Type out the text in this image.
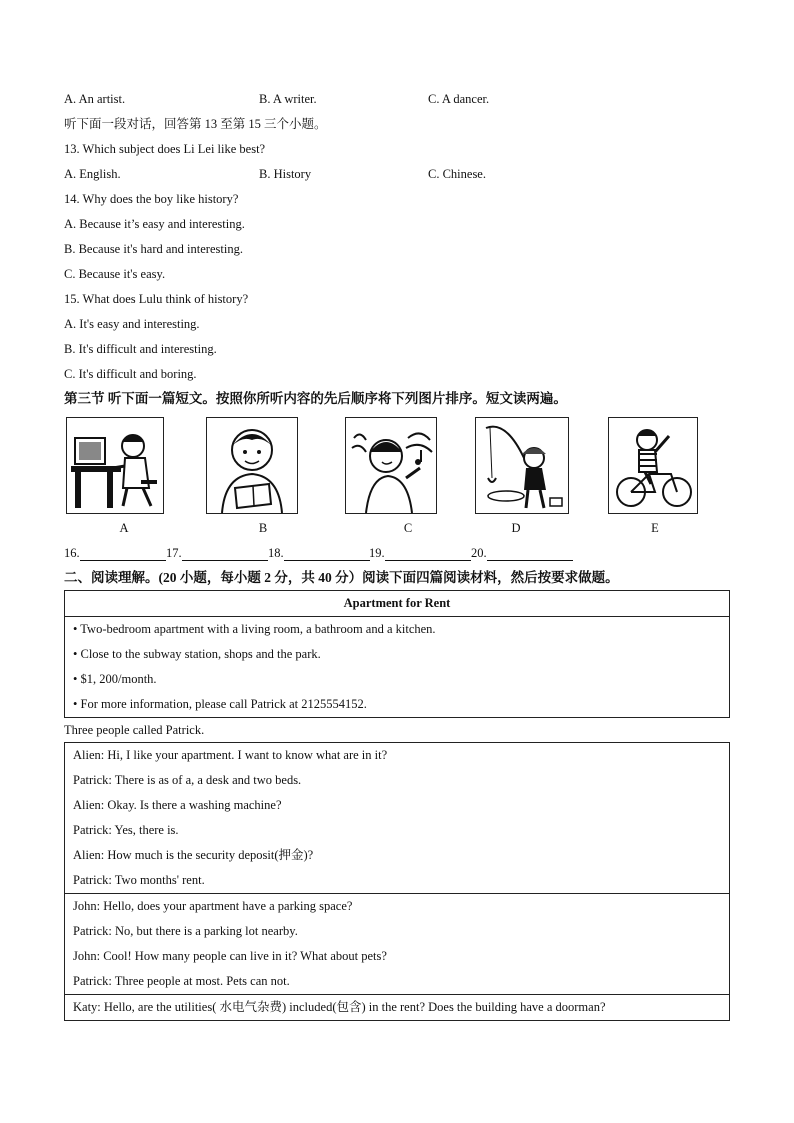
A. An artist.	B. A writer.	C. A dancer.
听下面一段对话，回答第 13 至第 15 三个小题。
13. Which subject does Li Lei like best?
A. English.	B. History	C. Chinese.
14. Why does the boy like history?
A. Because it’s easy and interesting.
B. Because it's hard and interesting.
C. Because it's easy.
15. What does Lulu think of history?
A. It's easy and interesting.
B. It's difficult and interesting.
C. It's difficult and boring.
第三节 听下面一篇短文。按照你所听内容的先后顺序将下列图片排序。短文读两遍。
A	B	C	D	E
16.	17.	18.	19.	20.
二、阅读理解。(20 小题，每小题 2 分，共 40 分）阅读下面四篇阅读材料，然后按要求做题。
Apartment for Rent

• Two-bedroom apartment with a living room, a bathroom and a kitchen.
• Close to the subway station, shops and the park.
• $1, 200/month.
• For more information, please call Patrick at 2125554152.
Three people called Patrick.
Alien: Hi, I like your apartment. I want to know what are in it?
Patrick: There is as of a, a desk and two beds.
Alien: Okay. Is there a washing machine?
Patrick: Yes, there is.
Alien: How much is the security deposit(押金)?
Patrick: Two months' rent.

John: Hello, does your apartment have a parking space?
Patrick: No, but there is a parking lot nearby.
John: Cool! How many people can live in it? What about pets?
Patrick: Three people at most. Pets can not.

Katy: Hello, are the utilities( 水电气杂费) included(包含) in the rent? Does the building have a doorman?
